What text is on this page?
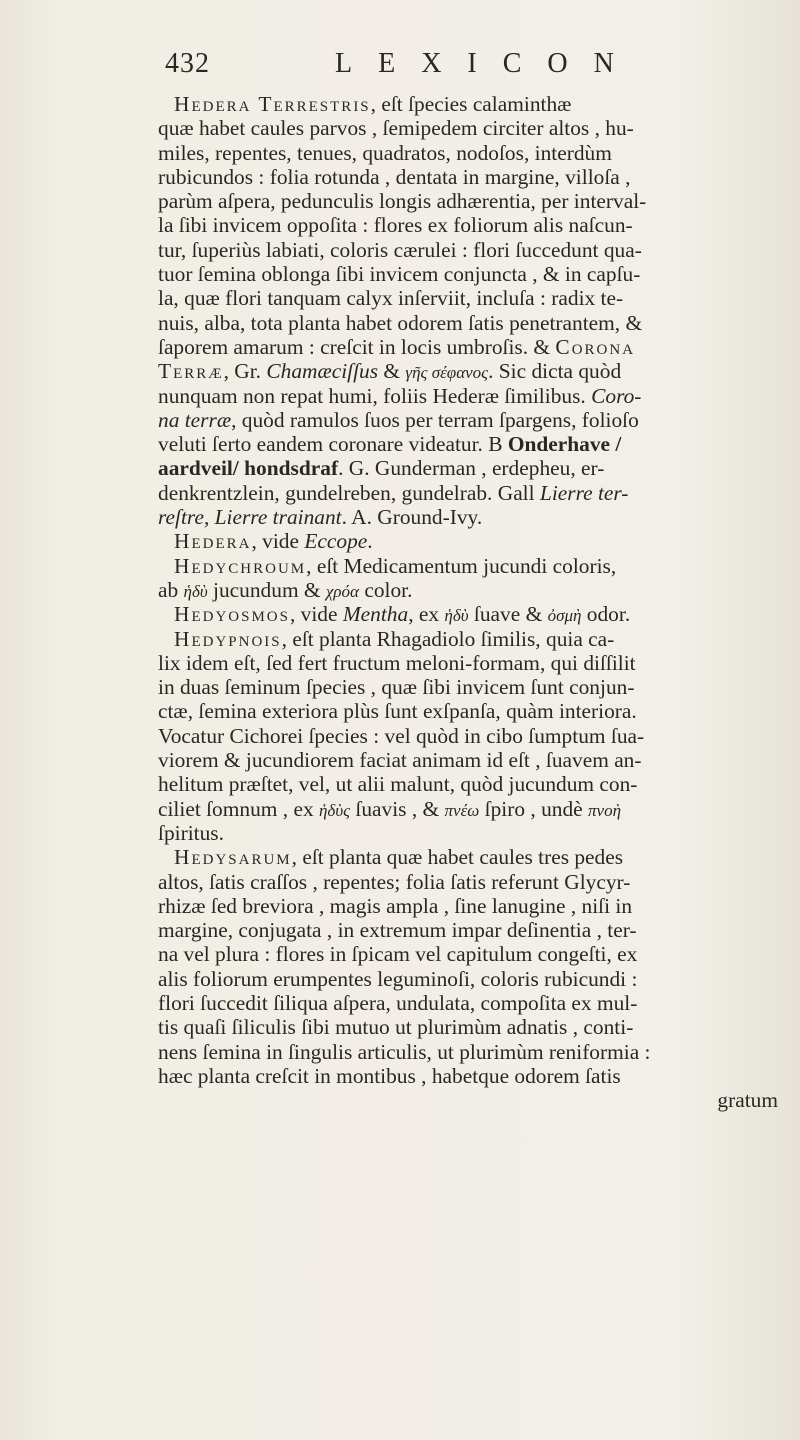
432	LEXICON
Hedera Terrestris, eſt ſpecies calaminthæ
quæ habet caules parvos , ſemipedem circiter altos , hu-
miles, repentes, tenues, quadratos, nodoſos, interdùm
rubicundos : folia rotunda , dentata in margine, villoſa ,
parùm aſpera, pedunculis longis adhærentia, per interval-
la ſibi invicem oppoſita : flores ex foliorum alis naſcun-
tur, ſuperiùs labiati, coloris cærulei : flori ſuccedunt qua-
tuor ſemina oblonga ſibi invicem conjuncta , & in capſu-
la, quæ flori tanquam calyx inſerviit, incluſa : radix te-
nuis, alba, tota planta habet odorem ſatis penetrantem, &
ſaporem amarum : creſcit in locis umbroſis. & Corona
Terræ, Gr. Chamæciſſus & γῆς σέφανος. Sic dicta quòd
nunquam non repat humi, foliis Hederæ ſimilibus. Coro-
na terræ, quòd ramulos ſuos per terram ſpargens, folioſo
veluti ſerto eandem coronare videatur. B Onderhave /
aardveil/ hondsdraf. G. Gunderman , erdepheu, er-
denkrentzlein, gundelreben, gundelrab. Gall Lierre ter-
reſtre, Lierre trainant. A. Ground-Ivy.
Hedera, vide Eccope.
Hedychroum, eſt Medicamentum jucundi coloris,
ab ἡδὺ jucundum & χρόα color.
Hedyosmos, vide Mentha, ex ἡδὺ ſuave & ὀσμὴ odor.
Hedypnois, eſt planta Rhagadiolo ſimilis, quia ca-
lix idem eſt, ſed fert fructum meloni-formam, qui diſſilit
in duas ſeminum ſpecies , quæ ſibi invicem ſunt conjun-
ctæ, ſemina exteriora plùs ſunt exſpanſa, quàm interiora.
Vocatur Cichorei ſpecies : vel quòd in cibo ſumptum ſua-
viorem & jucundiorem faciat animam id eſt , ſuavem an-
helitum præſtet, vel, ut alii malunt, quòd jucundum con-
ciliet ſomnum , ex ἡδὺς ſuavis , & πνέω ſpiro , undè πνοὴ
ſpiritus.
Hedysarum, eſt planta quæ habet caules tres pedes
altos, ſatis craſſos , repentes; folia ſatis referunt Glycyr-
rhizæ ſed breviora , magis ampla , ſine lanugine , niſi in
margine, conjugata , in extremum impar deſinentia , ter-
na vel plura : flores in ſpicam vel capitulum congeſti, ex
alis foliorum erumpentes leguminoſi, coloris rubicundi :
flori ſuccedit ſiliqua aſpera, undulata, compoſita ex mul-
tis quaſi ſiliculis ſibi mutuo ut plurimùm adnatis , conti-
nens ſemina in ſingulis articulis, ut plurimùm reniformia :
hæc planta creſcit in montibus , habetque odorem ſatis
gratum
